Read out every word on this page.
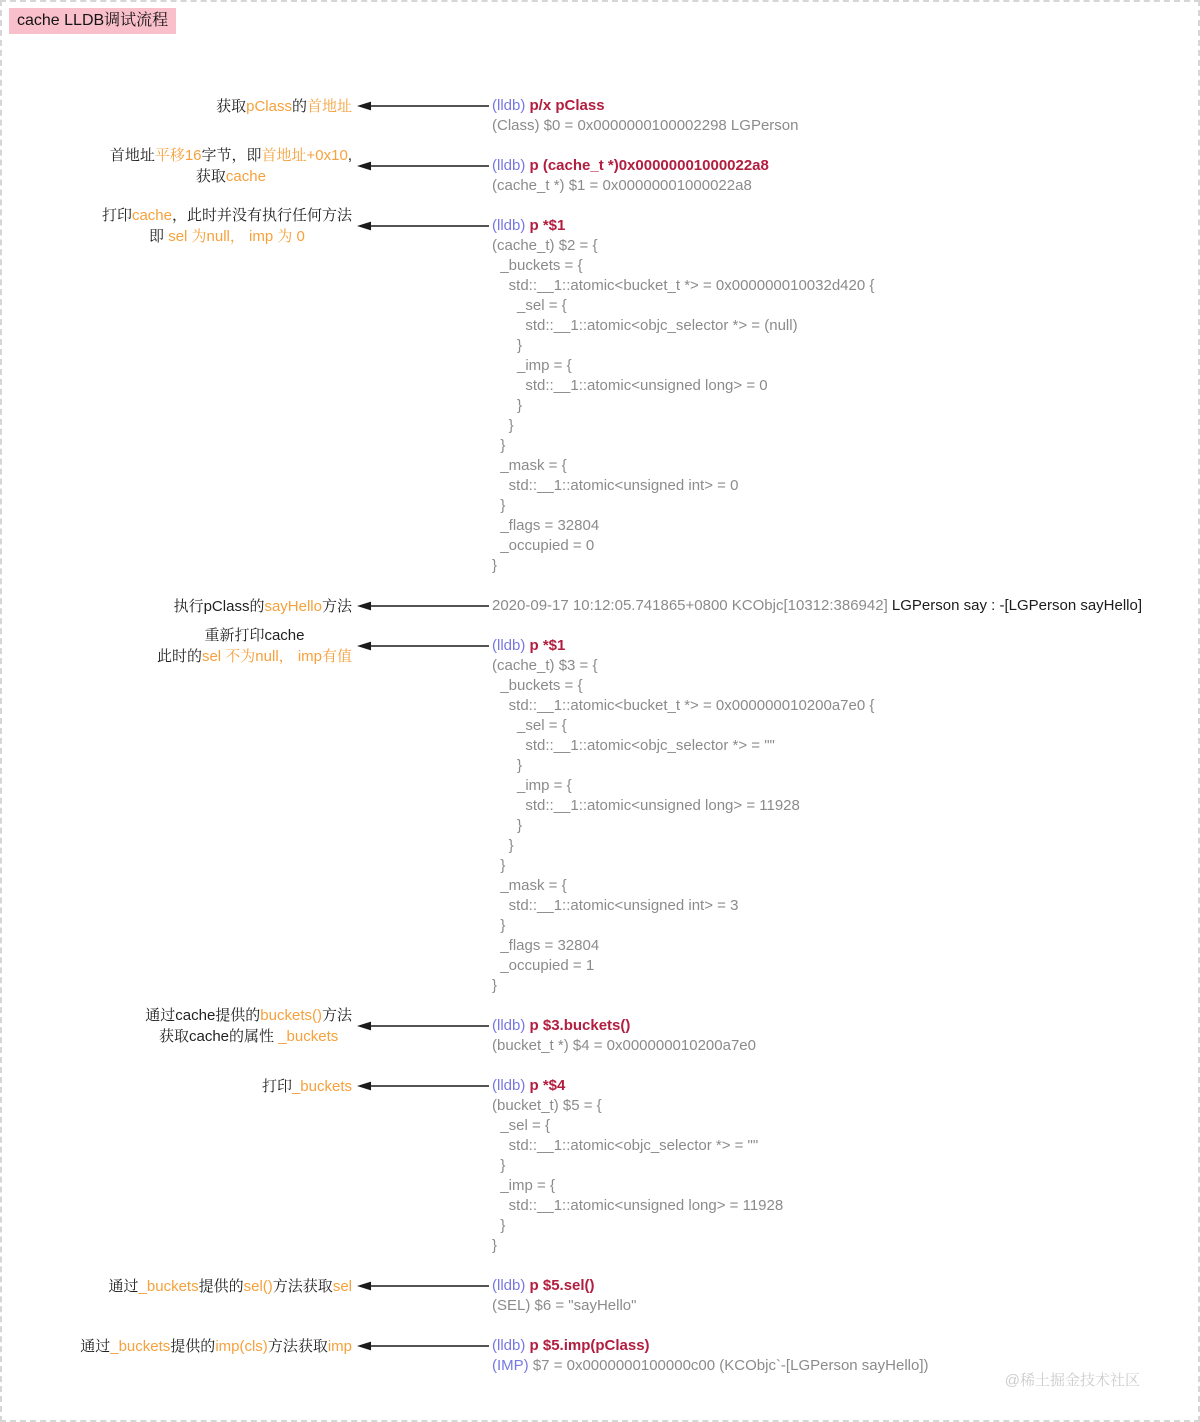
cache LLDB调试流程
获取pClass的首地址	(lldb) p/x pClass
(Class) $0 = 0x0000000100002298 LGPerson
首地址平移16字节，即首地址+0x10,
获取cache
(lldb) p (cache_t *)0x00000001000022a8
(cache_t *) $1 = 0x00000001000022a8
打印cache，此时并没有执行任何方法
即 sel 为null， imp 为 0
(lldb) p *$1
(cache_t) $2 = {
_buckets = {
std::__1::atomic<bucket_t *> = 0x000000010032d420 {
_sel = {
std::__1::atomic<objc_selector *> = (null)
}
_imp = {
std::__1::atomic<unsigned long> = 0
}
}
}
_mask = {
std::__1::atomic<unsigned int> = 0
}
_flags = 32804
_occupied = 0
}
执行pClass的sayHello方法	2020-09-17 10:12:05.741865+0800 KCObjc[10312:386942] LGPerson say : -[LGPerson sayHello]
重新打印cache
此时的sel 不为null， imp有值
(lldb) p *$1
(cache_t) $3 = {
_buckets = {
std::__1::atomic<bucket_t *> = 0x000000010200a7e0 {
_sel = {
std::__1::atomic<objc_selector *> = ""
}
_imp = {
std::__1::atomic<unsigned long> = 11928
}
}
}
_mask = {
std::__1::atomic<unsigned int> = 3
}
_flags = 32804
_occupied = 1
}
通过cache提供的buckets()方法
获取cache的属性 _buckets
(lldb) p $3.buckets()
(bucket_t *) $4 = 0x000000010200a7e0
打印_buckets	(lldb) p *$4
(bucket_t) $5 = {
_sel = {
std::__1::atomic<objc_selector *> = ""
}
_imp = {
std::__1::atomic<unsigned long> = 11928
}
}
通过_buckets提供的sel()方法获取sel	(lldb) p $5.sel()
(SEL) $6 = "sayHello"
通过_buckets提供的imp(cls)方法获取imp	(lldb) p $5.imp(pClass)
(IMP) $7 = 0x0000000100000c00 (KCObjc`-[LGPerson sayHello])
@稀土掘金技术社区
